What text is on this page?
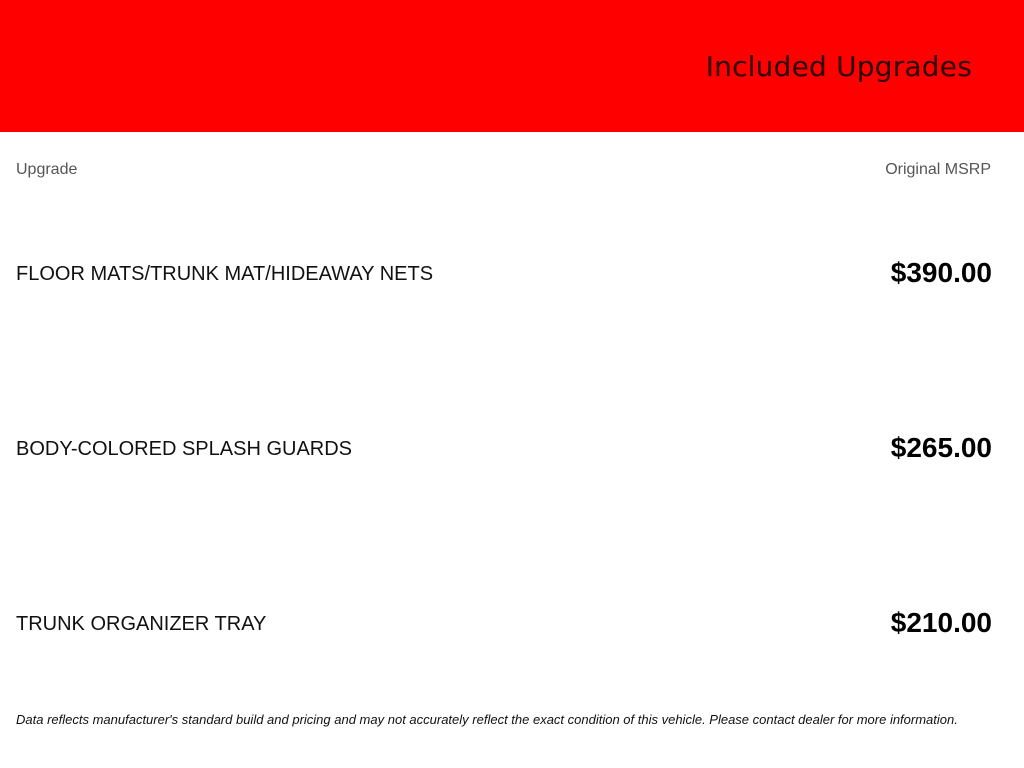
Included Upgrades
Upgrade	Original MSRP
FLOOR MATS/TRUNK MAT/HIDEAWAY NETS	$390.00
BODY-COLORED SPLASH GUARDS	$265.00
TRUNK ORGANIZER TRAY	$210.00
Data reflects manufacturer's standard build and pricing and may not accurately reflect the exact condition of this vehicle. Please contact dealer for more information.
